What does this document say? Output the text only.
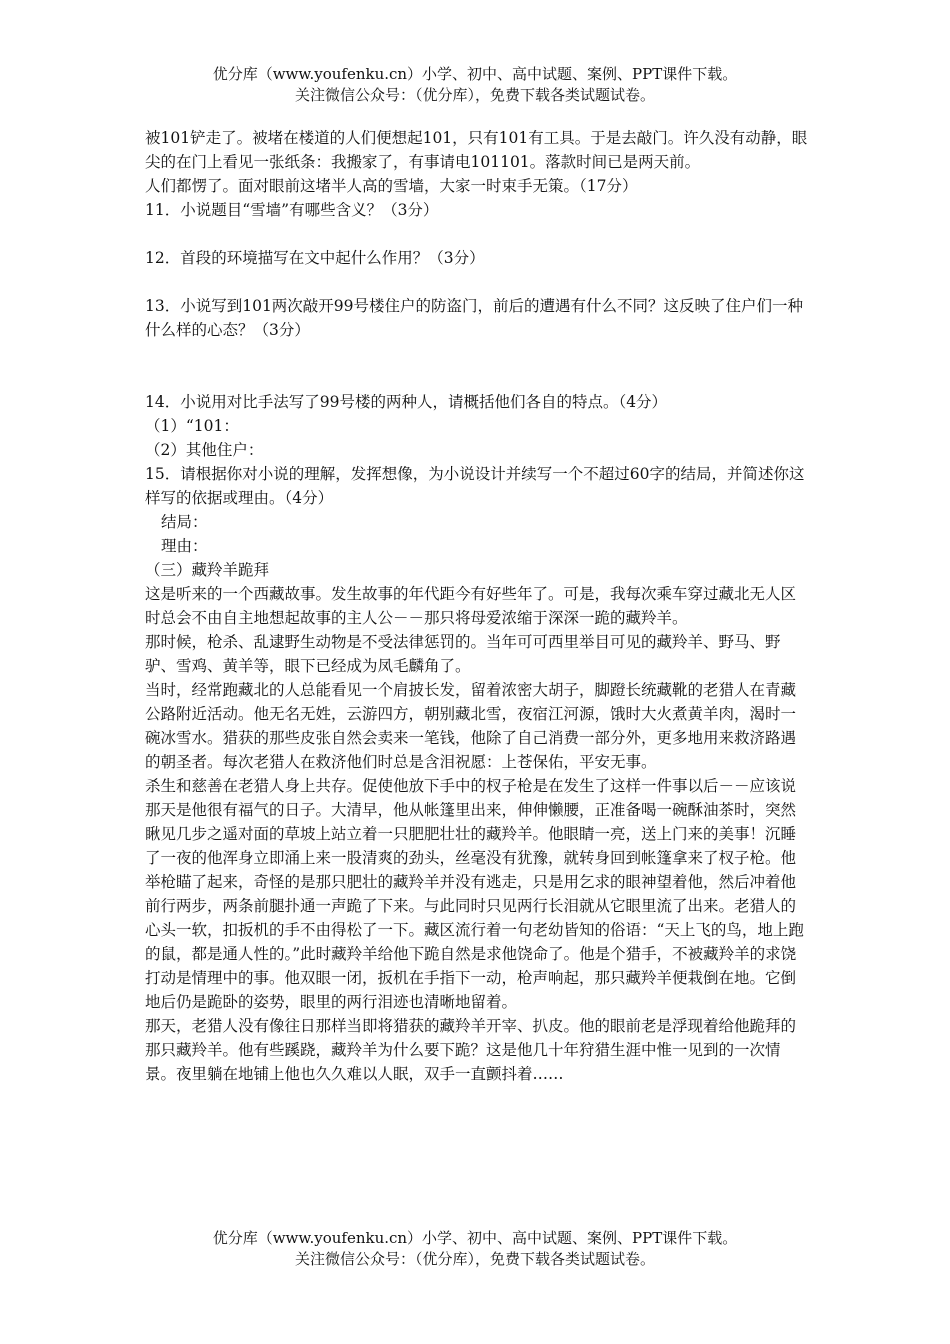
优分库（www.youfenku.cn）小学、初中、高中试题、案例、PPT课件下载。
关注微信公众号：（优分库），免费下载各类试题试卷。

被101铲走了。被堵在楼道的人们便想起101，只有101有工具。于是去敲门。许久没有动静，眼尖的在门上看见一张纸条：我搬家了，有事请电101101。落款时间已是两天前。

人们都愣了。面对眼前这堵半人高的雪墙，大家一时束手无策。（17分）

11．小说题目“雪墙”有哪些含义？（3分）

12．首段的环境描写在文中起什么作用？（3分）

13．小说写到101两次敲开99号楼住户的防盗门，前后的遭遇有什么不同？这反映了住户们一种什么样的心态？（3分）

14．小说用对比手法写了99号楼的两种人，请概括他们各自的特点。（4分）

（1）“101：

（2）其他住户：

15．请根据你对小说的理解，发挥想像，为小说设计并续写一个不超过60字的结局，并简述你这样写的依据或理由。（4分）

结局：

理由：

（三）藏羚羊跪拜

这是听来的一个西藏故事。发生故事的年代距今有好些年了。可是，我每次乘车穿过藏北无人区时总会不由自主地想起故事的主人公－－那只将母爱浓缩于深深一跪的藏羚羊。

那时候，枪杀、乱逮野生动物是不受法律惩罚的。当年可可西里举目可见的藏羚羊、野马、野驴、雪鸡、黄羊等，眼下已经成为凤毛麟角了。

当时，经常跑藏北的人总能看见一个肩披长发，留着浓密大胡子，脚蹬长统藏靴的老猎人在青藏公路附近活动。他无名无姓，云游四方，朝别藏北雪，夜宿江河源，饿时大火煮黄羊肉，渴时一碗冰雪水。猎获的那些皮张自然会卖来一笔钱，他除了自己消费一部分外，更多地用来救济路遇的朝圣者。每次老猎人在救济他们时总是含泪祝愿：上苍保佑，平安无事。

杀生和慈善在老猎人身上共存。促使他放下手中的杈子枪是在发生了这样一件事以后－－应该说那天是他很有福气的日子。大清早，他从帐篷里出来，伸伸懒腰，正准备喝一碗酥油茶时，突然瞅见几步之遥对面的草坡上站立着一只肥肥壮壮的藏羚羊。他眼睛一亮，送上门来的美事！沉睡了一夜的他浑身立即涌上来一股清爽的劲头，丝毫没有犹豫，就转身回到帐篷拿来了杈子枪。他举枪瞄了起来，奇怪的是那只肥壮的藏羚羊并没有逃走，只是用乞求的眼神望着他，然后冲着他前行两步，两条前腿扑通一声跪了下来。与此同时只见两行长泪就从它眼里流了出来。老猎人的心头一软，扣扳机的手不由得松了一下。藏区流行着一句老幼皆知的俗语：“天上飞的鸟，地上跑的鼠，都是通人性的。”此时藏羚羊给他下跪自然是求他饶命了。他是个猎手，不被藏羚羊的求饶打动是情理中的事。他双眼一闭，扳机在手指下一动，枪声响起，那只藏羚羊便栽倒在地。它倒地后仍是跪卧的姿势，眼里的两行泪迹也清晰地留着。

那天，老猎人没有像往日那样当即将猎获的藏羚羊开宰、扒皮。他的眼前老是浮现着给他跪拜的那只藏羚羊。他有些蹊跷，藏羚羊为什么要下跪？这是他几十年狩猎生涯中惟一见到的一次情景。夜里躺在地铺上他也久久难以人眠，双手一直颤抖着……

优分库（www.youfenku.cn）小学、初中、高中试题、案例、PPT课件下载。
关注微信公众号：（优分库），免费下载各类试题试卷。
